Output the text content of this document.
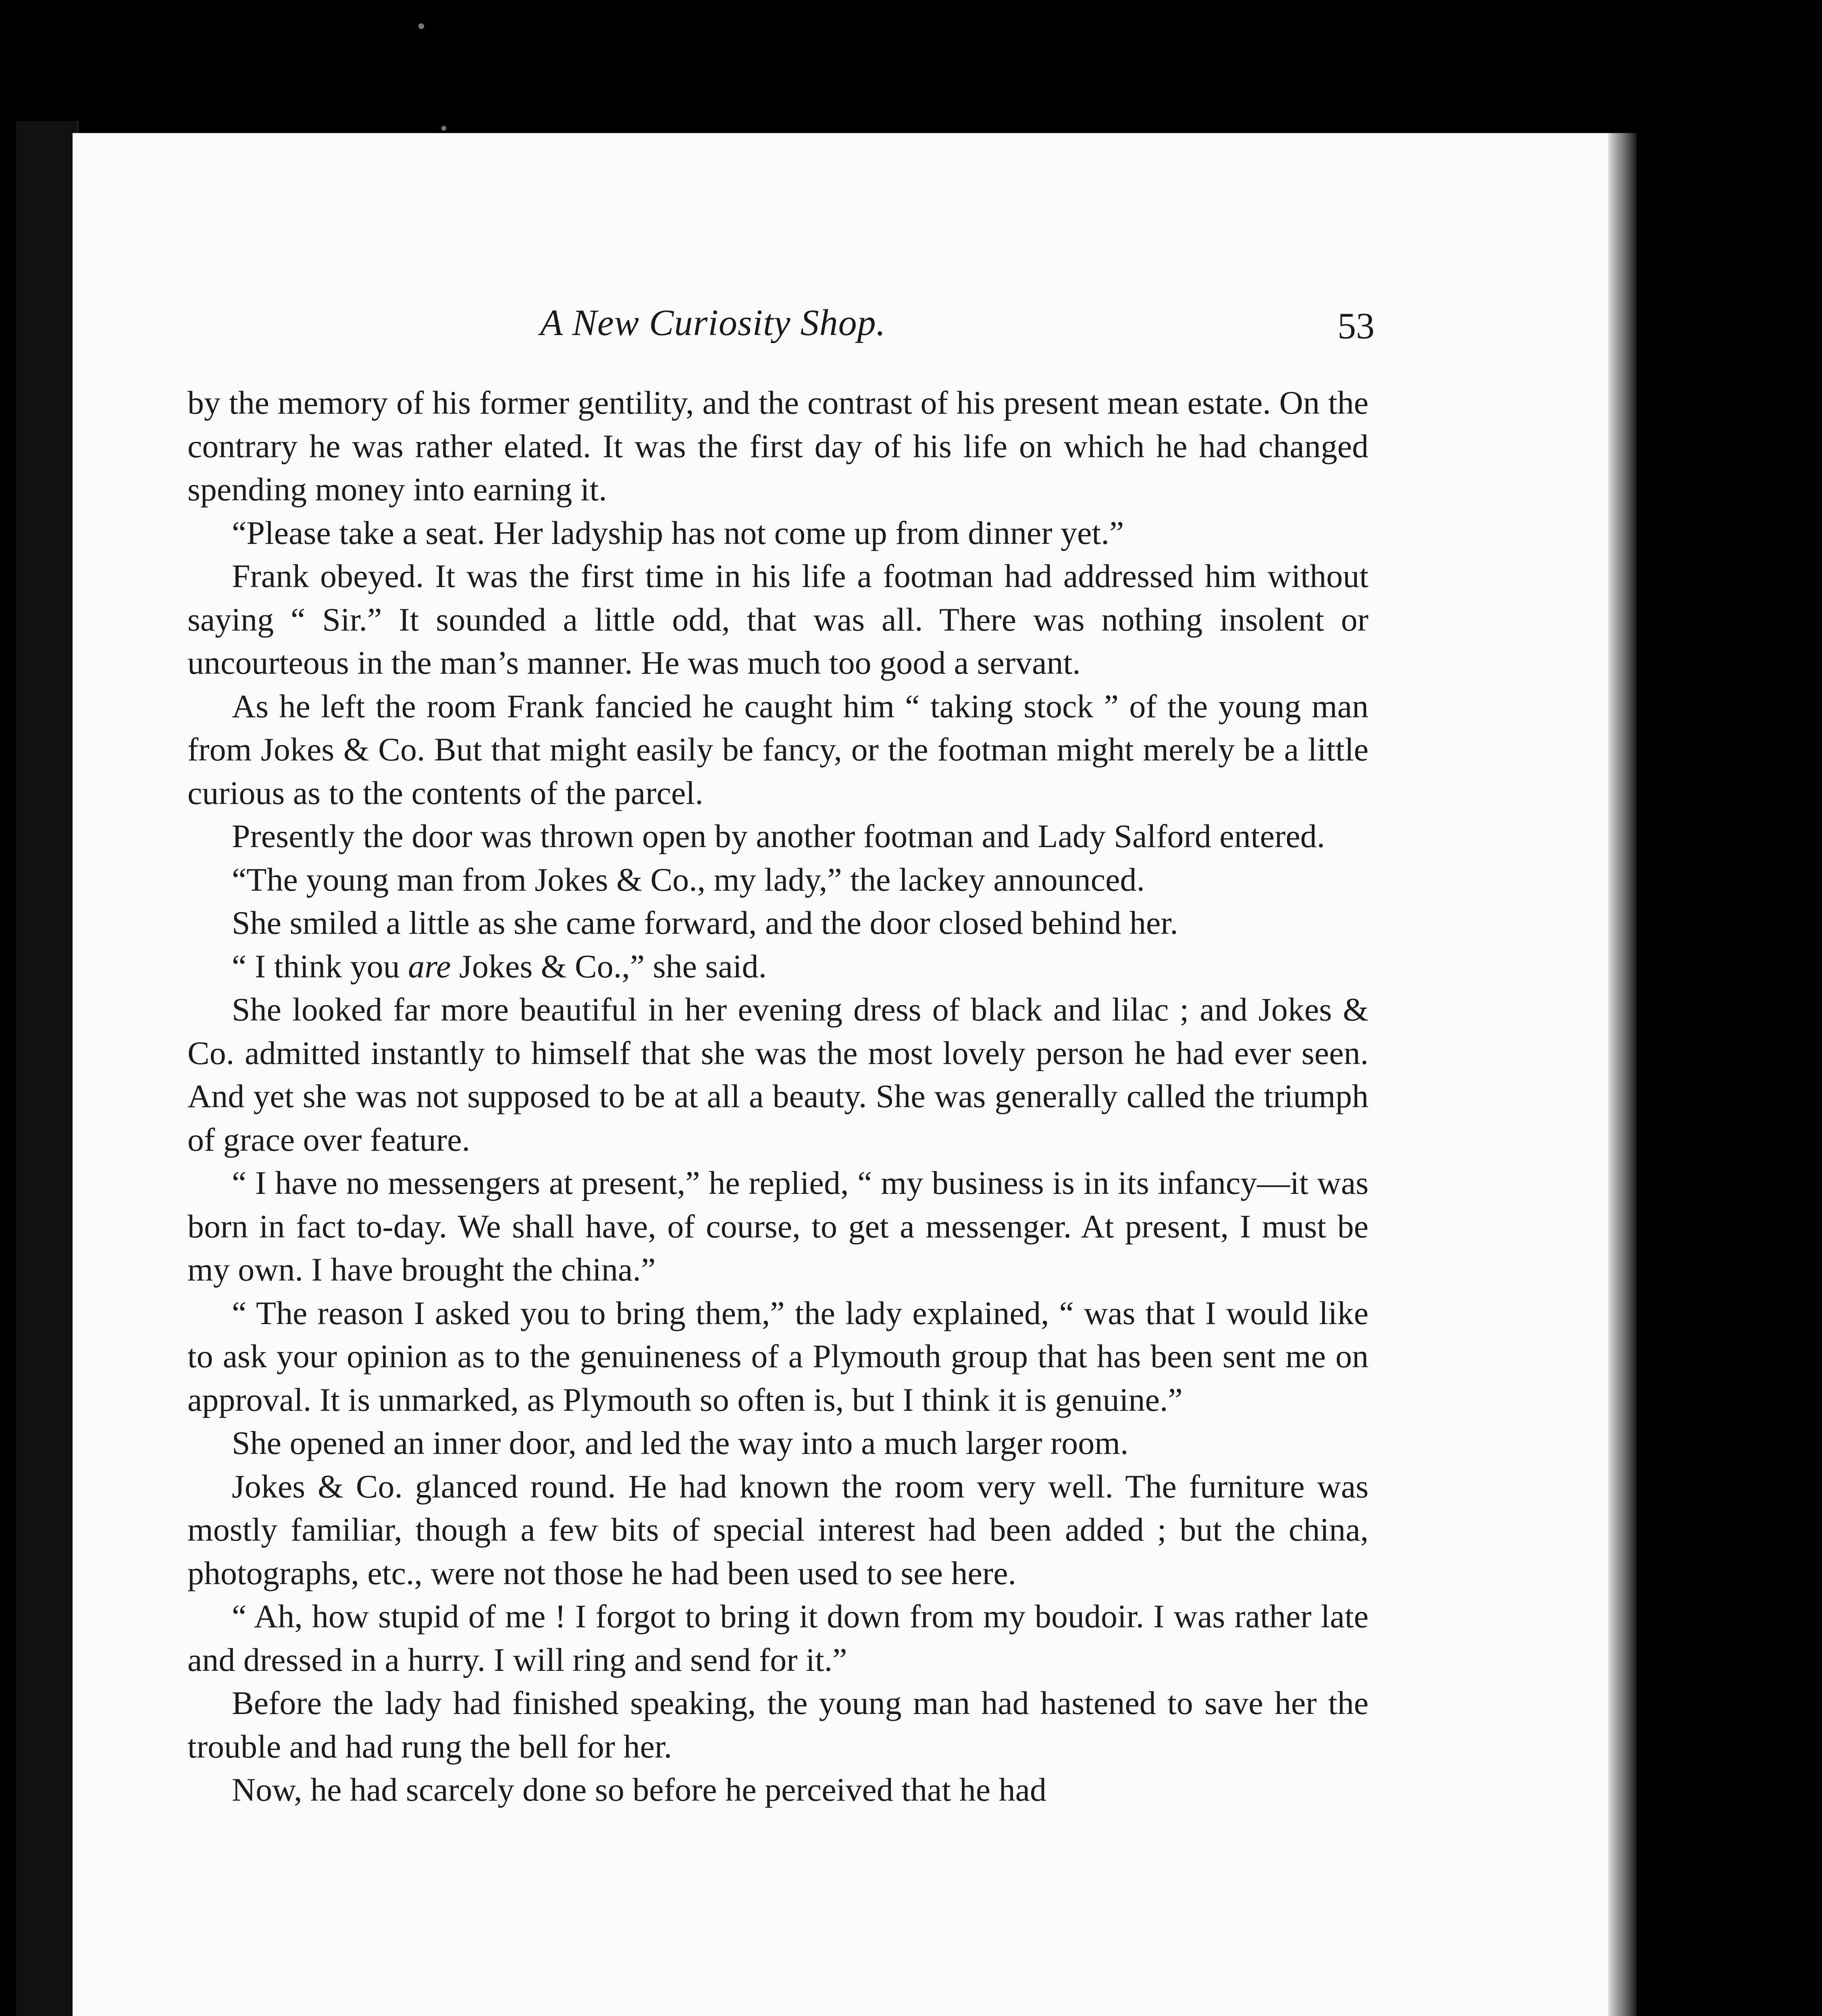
A New Curiosity Shop.	53

by the memory of his former gentility, and the contrast of his present mean estate. On the contrary he was rather elated. It was the first day of his life on which he had changed spending money into earning it.

“Please take a seat. Her ladyship has not come up from dinner yet.”

Frank obeyed. It was the first time in his life a footman had addressed him without saying “ Sir.” It sounded a little odd, that was all. There was nothing insolent or uncourteous in the man’s manner. He was much too good a servant.

As he left the room Frank fancied he caught him “ taking stock ” of the young man from Jokes & Co. But that might easily be fancy, or the footman might merely be a little curious as to the contents of the parcel.

Presently the door was thrown open by another footman and Lady Salford entered.

“The young man from Jokes & Co., my lady,” the lackey announced.

She smiled a little as she came forward, and the door closed behind her.

“ I think you are Jokes & Co.,” she said.

She looked far more beautiful in her evening dress of black and lilac ; and Jokes & Co. admitted instantly to himself that she was the most lovely person he had ever seen. And yet she was not supposed to be at all a beauty. She was generally called the triumph of grace over feature.

“ I have no messengers at present,” he replied, “ my business is in its infancy—it was born in fact to-day. We shall have, of course, to get a messenger. At present, I must be my own. I have brought the china.”

“ The reason I asked you to bring them,” the lady explained, “ was that I would like to ask your opinion as to the genuineness of a Plymouth group that has been sent me on approval. It is unmarked, as Plymouth so often is, but I think it is genuine.”

She opened an inner door, and led the way into a much larger room.

Jokes & Co. glanced round. He had known the room very well. The furniture was mostly familiar, though a few bits of special interest had been added ; but the china, photographs, etc., were not those he had been used to see here.

“ Ah, how stupid of me ! I forgot to bring it down from my boudoir. I was rather late and dressed in a hurry. I will ring and send for it.”

Before the lady had finished speaking, the young man had hastened to save her the trouble and had rung the bell for her.

Now, he had scarcely done so before he perceived that he had
